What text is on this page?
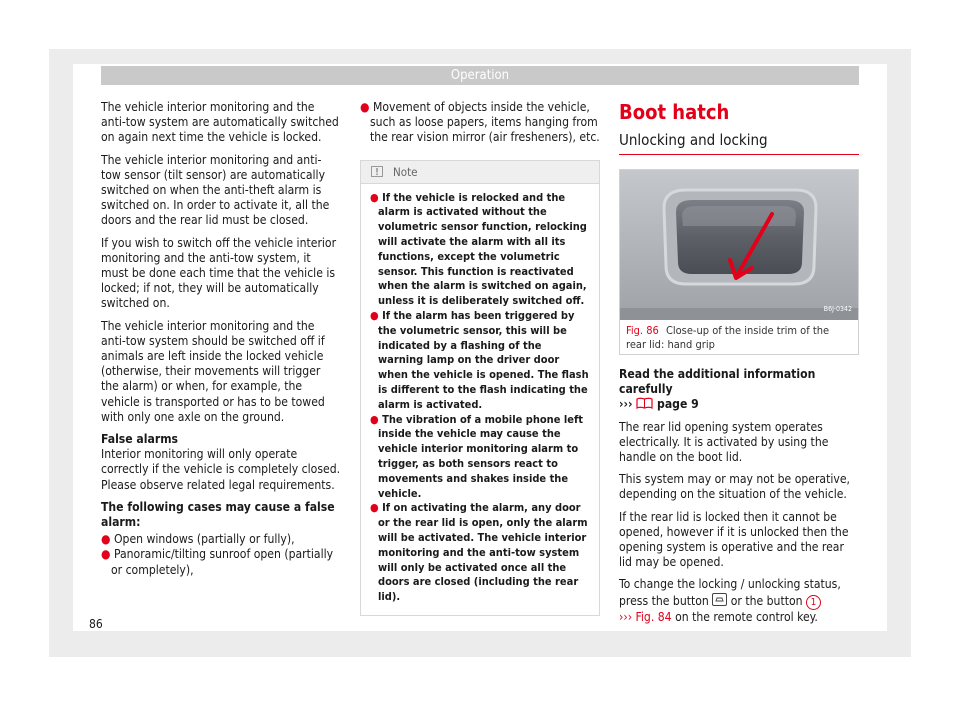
Operation

The vehicle interior monitoring and the anti-tow system are automatically switched on again next time the vehicle is locked.

The vehicle interior monitoring and anti-tow sensor (tilt sensor) are automatically switched on when the anti-theft alarm is switched on. In order to activate it, all the doors and the rear lid must be closed.

If you wish to switch off the vehicle interior monitoring and the anti-tow system, it must be done each time that the vehicle is locked; if not, they will be automatically switched on.

The vehicle interior monitoring and the anti-tow system should be switched off if animals are left inside the locked vehicle (otherwise, their movements will trigger the alarm) or when, for example, the vehicle is transported or has to be towed with only one axle on the ground.

False alarms
Interior monitoring will only operate correctly if the vehicle is completely closed. Please observe related legal requirements.

The following cases may cause a false alarm:

● Open windows (partially or fully),

● Panoramic/tilting sunroof open (partially or completely),

● Movement of objects inside the vehicle, such as loose papers, items hanging from the rear vision mirror (air fresheners), etc.

Note

● If the vehicle is relocked and the alarm is activated without the volumetric sensor function, relocking will activate the alarm with all its functions, except the volumetric sensor. This function is reactivated when the alarm is switched on again, unless it is deliberately switched off.

● If the alarm has been triggered by the volumetric sensor, this will be indicated by a flashing of the warning lamp on the driver door when the vehicle is opened. The flash is different to the flash indicating the alarm is activated.

● The vibration of a mobile phone left inside the vehicle may cause the vehicle interior monitoring alarm to trigger, as both sensors react to movements and shakes inside the vehicle.

● If on activating the alarm, any door or the rear lid is open, only the alarm will be activated. The vehicle interior monitoring and the anti-tow system will only be activated once all the doors are closed (including the rear lid).

Boot hatch
Unlocking and locking
B6J-0342
Fig. 86 Close-up of the inside trim of the rear lid: hand grip

Read the additional information carefully
››› page 9

The rear lid opening system operates electrically. It is activated by using the handle on the boot lid.

This system may or may not be operative, depending on the situation of the vehicle.

If the rear lid is locked then it cannot be opened, however if it is unlocked then the opening system is operative and the rear lid may be opened.

To change the locking / unlocking status, press the button or the button 1
››› Fig. 84 on the remote control key.

86
